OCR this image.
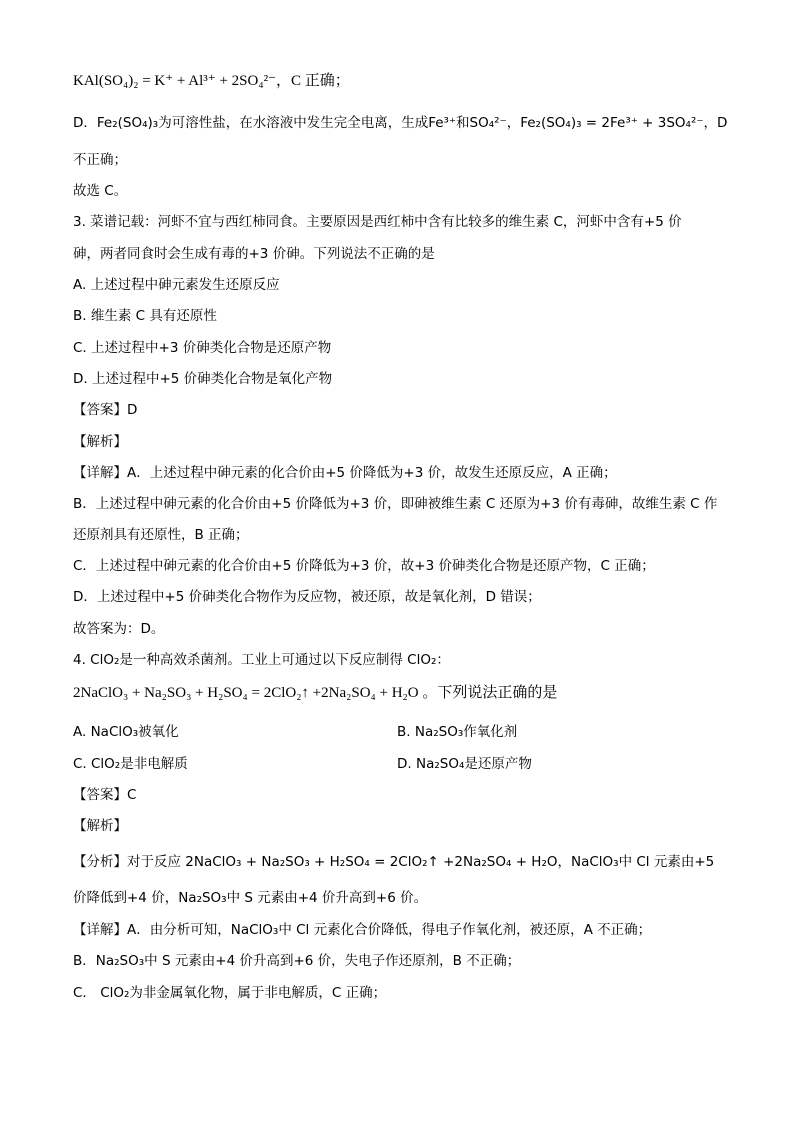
KAl(SO₄)₂ = K⁺ + Al³⁺ + 2SO₄²⁻，C 正确；
D．Fe₂(SO₄)₃为可溶性盐，在水溶液中发生完全电离，生成Fe³⁺和SO₄²⁻，Fe₂(SO₄)₃ = 2Fe³⁺ + 3SO₄²⁻，D
不正确；
故选 C。
3. 菜谱记载：河虾不宜与西红柿同食。主要原因是西红柿中含有比较多的维生素 C，河虾中含有+5 价
砷，两者同食时会生成有毒的+3 价砷。下列说法不正确的是
A. 上述过程中砷元素发生还原反应
B. 维生素 C 具有还原性
C. 上述过程中+3 价砷类化合物是还原产物
D. 上述过程中+5 价砷类化合物是氧化产物
【答案】D
【解析】
【详解】A．上述过程中砷元素的化合价由+5 价降低为+3 价，故发生还原反应，A 正确；
B．上述过程中砷元素的化合价由+5 价降低为+3 价，即砷被维生素 C 还原为+3 价有毒砷，故维生素 C 作
还原剂具有还原性，B 正确；
C．上述过程中砷元素的化合价由+5 价降低为+3 价，故+3 价砷类化合物是还原产物，C 正确；
D．上述过程中+5 价砷类化合物作为反应物，被还原，故是氧化剂，D 错误；
故答案为：D。
4. ClO₂是一种高效杀菌剂。工业上可通过以下反应制得 ClO₂：
2NaClO₃ + Na₂SO₃ + H₂SO₄ = 2ClO₂↑ +2Na₂SO₄ + H₂O 。下列说法正确的是
A. NaClO₃被氧化	B. Na₂SO₃作氧化剂
C. ClO₂是非电解质	D. Na₂SO₄是还原产物
【答案】C
【解析】
【分析】对于反应 2NaClO₃ + Na₂SO₃ + H₂SO₄ = 2ClO₂↑ +2Na₂SO₄ + H₂O，NaClO₃中 Cl 元素由+5
价降低到+4 价，Na₂SO₃中 S 元素由+4 价升高到+6 价。
【详解】A．由分析可知，NaClO₃中 Cl 元素化合价降低，得电子作氧化剂，被还原，A 不正确；
B．Na₂SO₃中 S 元素由+4 价升高到+6 价，失电子作还原剂，B 不正确；
C． ClO₂为非金属氧化物，属于非电解质，C 正确；
